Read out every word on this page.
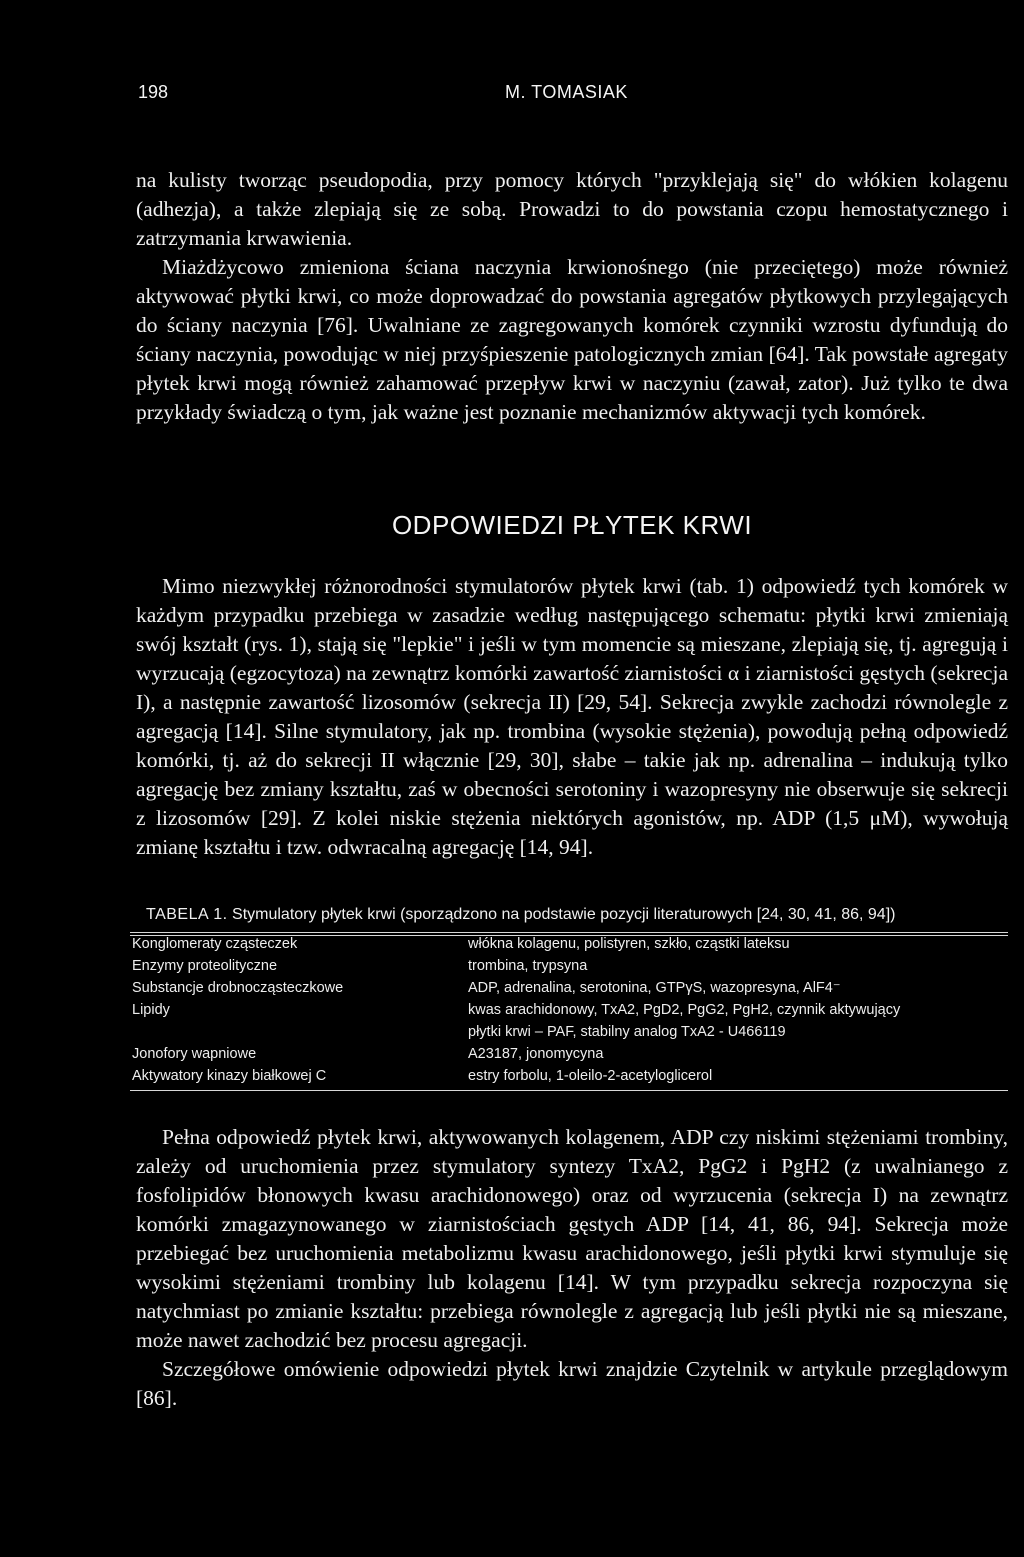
198	M. TOMASIAK

na kulisty tworząc pseudopodia, przy pomocy których "przyklejają się" do włókien kolagenu (adhezja), a także zlepiają się ze sobą. Prowadzi to do powstania czopu hemostatycznego i zatrzymania krwawienia.

Miażdżycowo zmieniona ściana naczynia krwionośnego (nie przeciętego) może również aktywować płytki krwi, co może doprowadzać do powstania agregatów płytkowych przylegających do ściany naczynia [76]. Uwalniane ze zagregowanych komórek czynniki wzrostu dyfundują do ściany naczynia, powodując w niej przyśpieszenie patologicznych zmian [64]. Tak powstałe agregaty płytek krwi mogą również zahamować przepływ krwi w naczyniu (zawał, zator). Już tylko te dwa przykłady świadczą o tym, jak ważne jest poznanie mechanizmów aktywacji tych komórek.

ODPOWIEDZI PŁYTEK KRWI

Mimo niezwykłej różnorodności stymulatorów płytek krwi (tab. 1) odpowiedź tych komórek w każdym przypadku przebiega w zasadzie według następującego schematu: płytki krwi zmieniają swój kształt (rys. 1), stają się "lepkie" i jeśli w tym momencie są mieszane, zlepiają się, tj. agregują i wyrzucają (egzocytoza) na zewnątrz komórki zawartość ziarnistości α i ziarnistości gęstych (sekrecja I), a następnie zawartość lizosomów (sekrecja II) [29, 54]. Sekrecja zwykle zachodzi równolegle z agregacją [14]. Silne stymulatory, jak np. trombina (wysokie stężenia), powodują pełną odpowiedź komórki, tj. aż do sekrecji II włącznie [29, 30], słabe – takie jak np. adrenalina – indukują tylko agregację bez zmiany kształtu, zaś w obecności serotoniny i wazopresyny nie obserwuje się sekrecji z lizosomów [29]. Z kolei niskie stężenia niektórych agonistów, np. ADP (1,5 μM), wywołują zmianę kształtu i tzw. odwracalną agregację [14, 94].

TABELA 1. Stymulatory płytek krwi (sporządzono na podstawie pozycji literaturowych [24, 30, 41, 86, 94])
Konglomeraty cząsteczek	włókna kolagenu, polistyren, szkło, cząstki lateksu
Enzymy proteolityczne	trombina, trypsyna
Substancje drobnocząsteczkowe	ADP, adrenalina, serotonina, GTPγS, wazopresyna, AlF4⁻
Lipidy	kwas arachidonowy, TxA2, PgD2, PgG2, PgH2, czynnik aktywujący
	płytki krwi – PAF, stabilny analog TxA2 - U466119
Jonofory wapniowe	A23187, jonomycyna
Aktywatory kinazy białkowej C	estry forbolu, 1-oleilo-2-acetyloglicerol

Pełna odpowiedź płytek krwi, aktywowanych kolagenem, ADP czy niskimi stężeniami trombiny, zależy od uruchomienia przez stymulatory syntezy TxA2, PgG2 i PgH2 (z uwalnianego z fosfolipidów błonowych kwasu arachidonowego) oraz od wyrzucenia (sekrecja I) na zewnątrz komórki zmagazynowanego w ziarnistościach gęstych ADP [14, 41, 86, 94]. Sekrecja może przebiegać bez uruchomienia metabolizmu kwasu arachidonowego, jeśli płytki krwi stymuluje się wysokimi stężeniami trombiny lub kolagenu [14]. W tym przypadku sekrecja rozpoczyna się natychmiast po zmianie kształtu: przebiega równolegle z agregacją lub jeśli płytki nie są mieszane, może nawet zachodzić bez procesu agregacji.

Szczegółowe omówienie odpowiedzi płytek krwi znajdzie Czytelnik w artykule przeglądowym [86].
